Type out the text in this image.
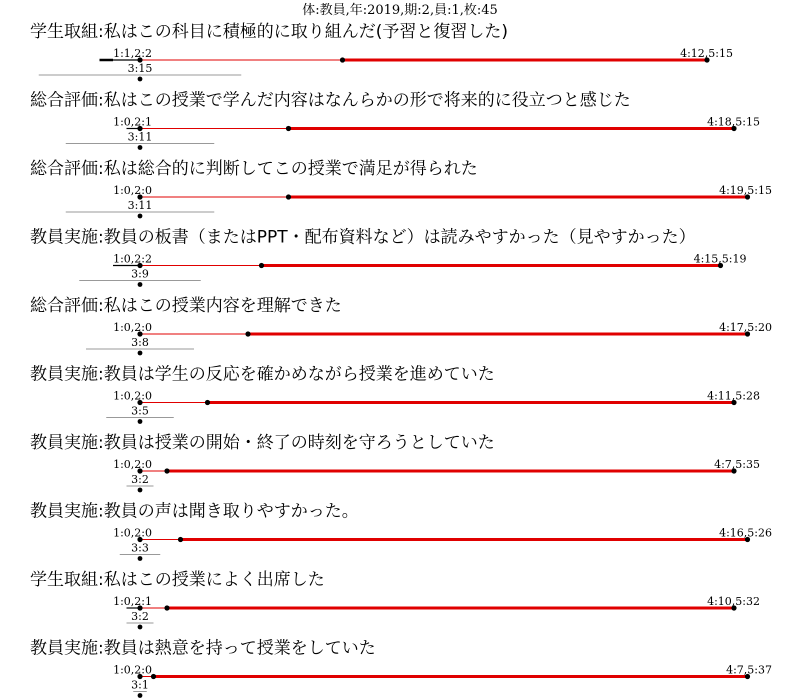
体:教員,年:2019,期:2,員:1,枚:45
学生取組:私はこの科目に積極的に取り組んだ(予習と復習した)
1:1,2:2
3:15
4:12,5:15
総合評価:私はこの授業で学んだ内容はなんらかの形で将来的に役立つと感じた
1:0,2:1
3:11
4:18,5:15
総合評価:私は総合的に判断してこの授業で満足が得られた
1:0,2:0
3:11
4:19,5:15
教員実施:教員の板書（またはPPT・配布資料など）は読みやすかった（見やすかった）
1:0,2:2
3:9
4:15,5:19
総合評価:私はこの授業内容を理解できた
1:0,2:0
3:8
4:17,5:20
教員実施:教員は学生の反応を確かめながら授業を進めていた
1:0,2:0
3:5
4:11,5:28
教員実施:教員は授業の開始・終了の時刻を守ろうとしていた
1:0,2:0
3:2
4:7,5:35
教員実施:教員の声は聞き取りやすかった。
1:0,2:0
3:3
4:16,5:26
学生取組:私はこの授業によく出席した
1:0,2:1
3:2
4:10,5:32
教員実施:教員は熱意を持って授業をしていた
1:0,2:0
3:1
4:7,5:37
